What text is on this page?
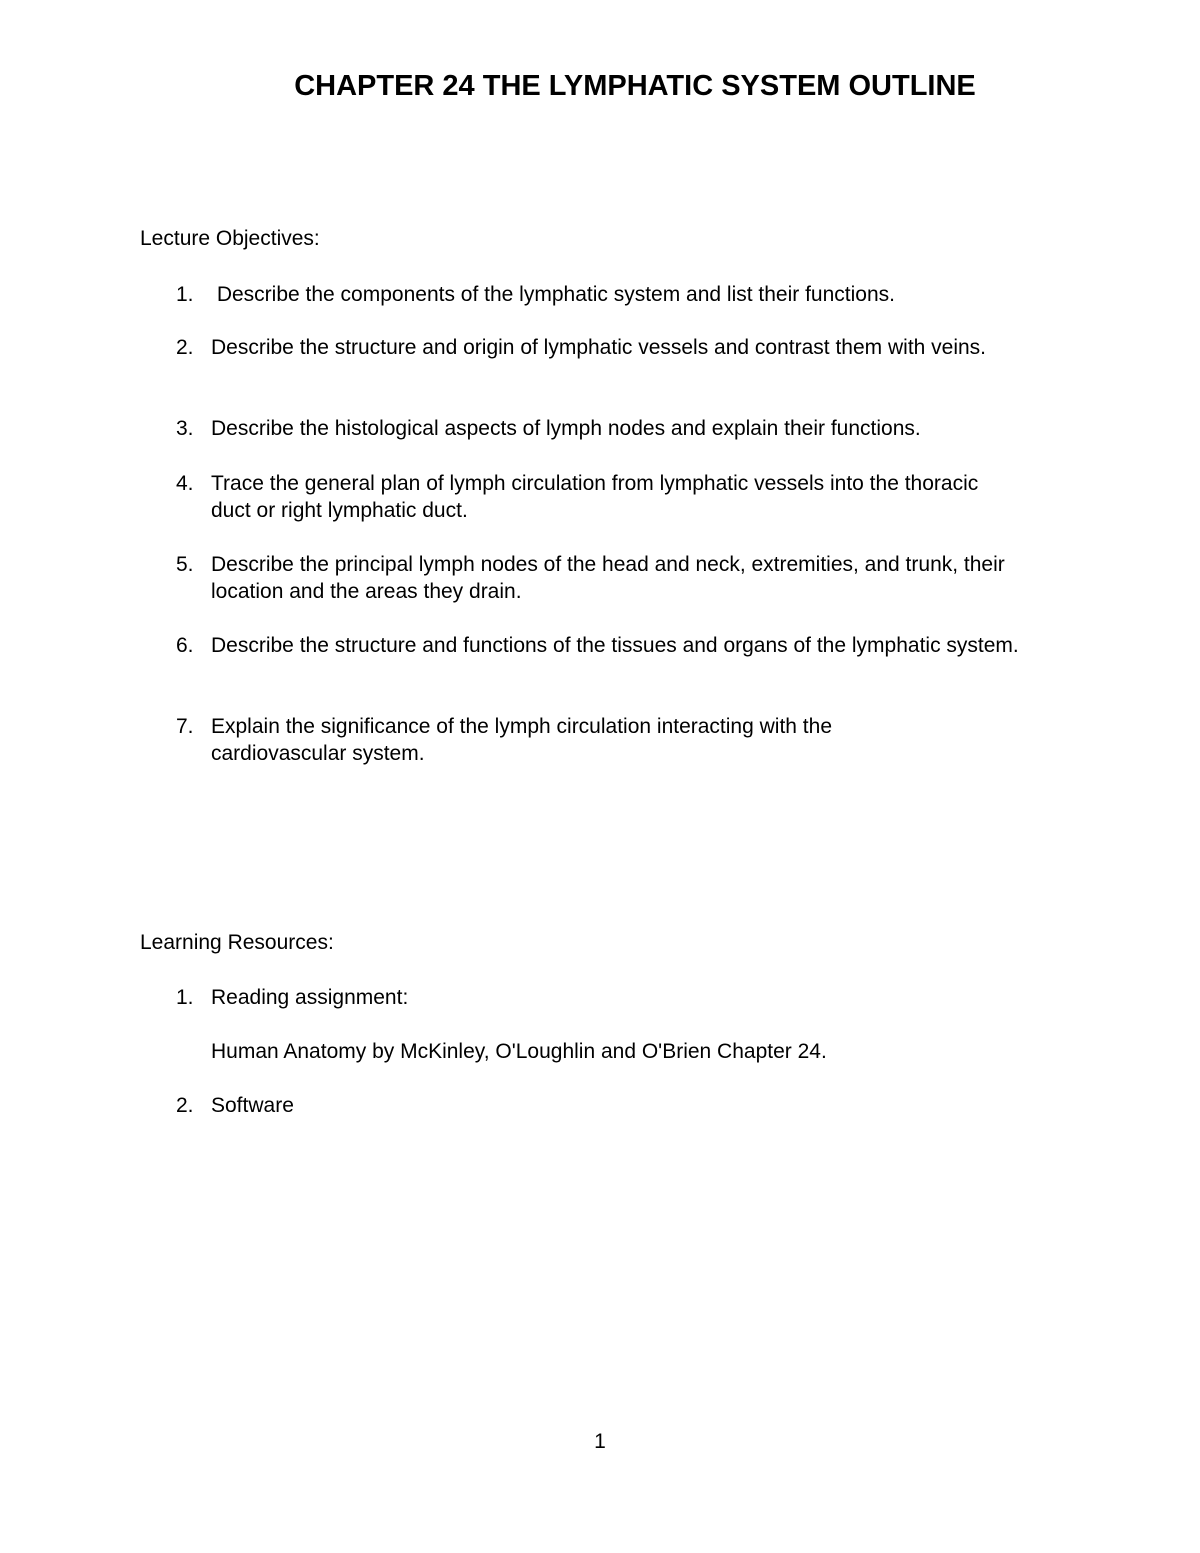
CHAPTER 24 THE LYMPHATIC SYSTEM OUTLINE
Lecture Objectives:
1. Describe the components of the lymphatic system and list their functions.
2. Describe the structure and origin of lymphatic vessels and contrast them with veins.
3. Describe the histological aspects of lymph nodes and explain their functions.
4. Trace the general plan of lymph circulation from lymphatic vessels into the thoracic duct or right lymphatic duct.
5. Describe the principal lymph nodes of the head and neck, extremities, and trunk, their location and the areas they drain.
6. Describe the structure and functions of the tissues and organs of the lymphatic system.
7. Explain the significance of the lymph circulation interacting with the cardiovascular system.
Learning Resources:
1. Reading assignment:
Human Anatomy by McKinley, O'Loughlin and O'Brien Chapter 24.
2. Software
1
